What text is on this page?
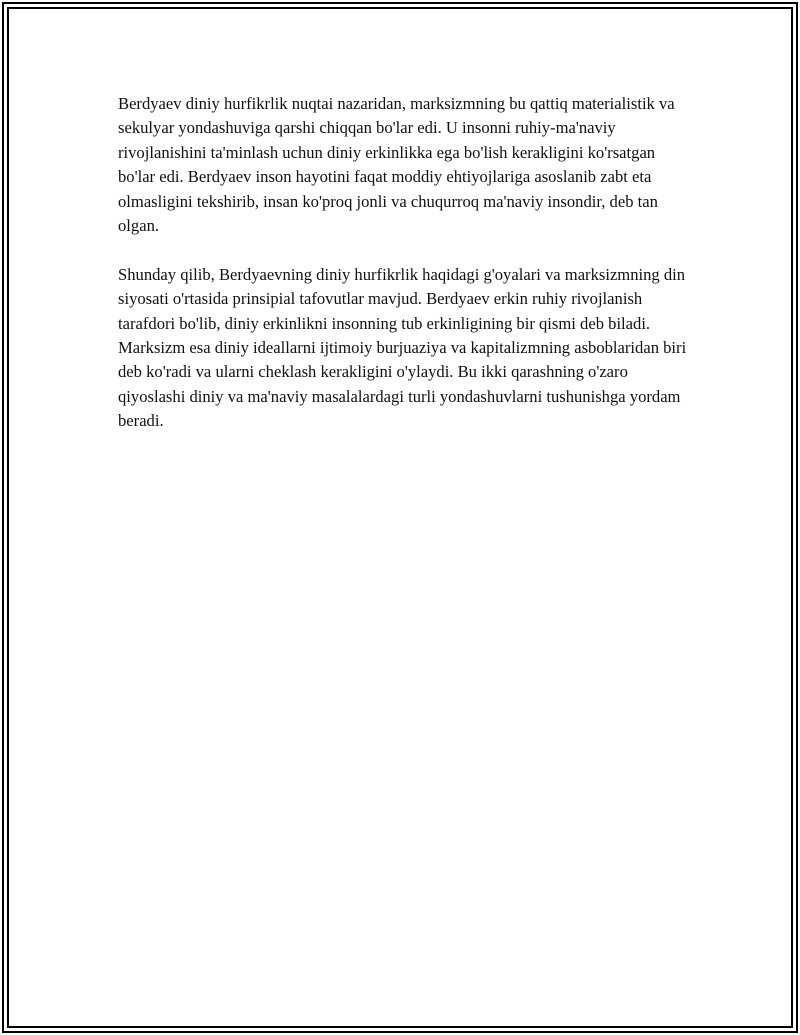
Berdyaev diniy hurfikrlik nuqtai nazaridan, marksizmning bu qattiq materialistik va sekulyar yondashuviga qarshi chiqqan bo'lar edi. U insonni ruhiy-ma'naviy rivojlanishini ta'minlash uchun diniy erkinlikka ega bo'lish kerakligini ko'rsatgan bo'lar edi. Berdyaev inson hayotini faqat moddiy ehtiyojlariga asoslanib zabt eta olmasligini tekshirib, insan ko'proq jonli va chuqurroq ma'naviy insondir, deb tan olgan.

Shunday qilib, Berdyaevning diniy hurfikrlik haqidagi g'oyalari va marksizmning din siyosati o'rtasida prinsipial tafovutlar mavjud. Berdyaev erkin ruhiy rivojlanish tarafdori bo'lib, diniy erkinlikni insonning tub erkinligining bir qismi deb biladi. Marksizm esa diniy ideallarni ijtimoiy burjuaziya va kapitalizmning asboblaridan biri deb ko'radi va ularni cheklash kerakligini o'ylaydi. Bu ikki qarashning o'zaro qiyoslashi diniy va ma'naviy masalalardagi turli yondashuvlarni tushunishga yordam beradi.
